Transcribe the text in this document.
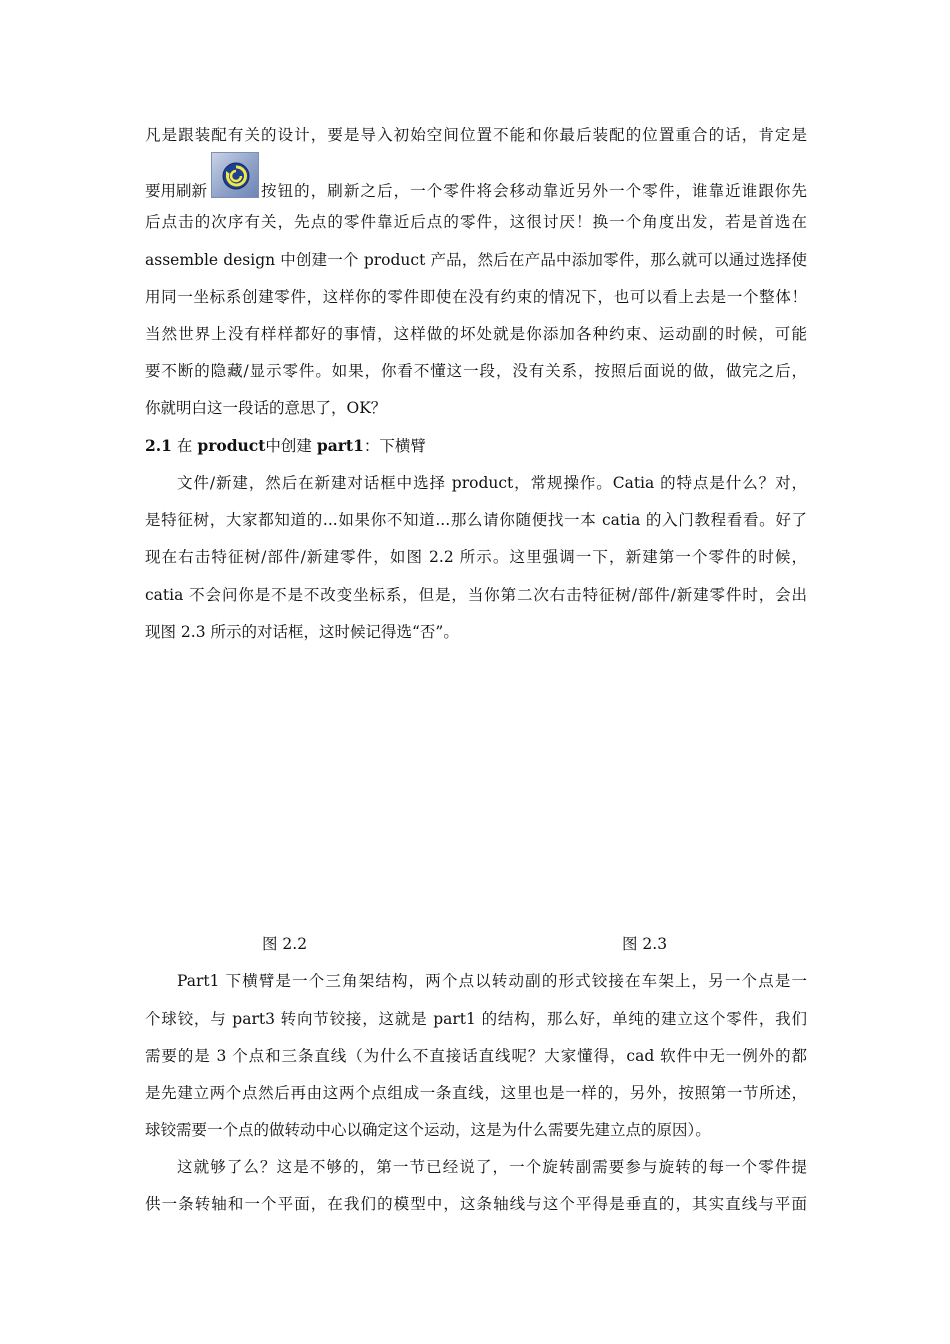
凡是跟装配有关的设计，要是导入初始空间位置不能和你最后装配的位置重合的话，肯定是
要用刷新	按钮的，刷新之后，一个零件将会移动靠近另外一个零件，谁靠近谁跟你先
后点击的次序有关，先点的零件靠近后点的零件，这很讨厌！换一个角度出发，若是首选在
assemble design 中创建一个 product 产品，然后在产品中添加零件，那么就可以通过选择使
用同一坐标系创建零件，这样你的零件即使在没有约束的情况下，也可以看上去是一个整体！
当然世界上没有样样都好的事情，这样做的坏处就是你添加各种约束、运动副的时候，可能
要不断的隐藏/显示零件。如果，你看不懂这一段，没有关系，按照后面说的做，做完之后，
你就明白这一段话的意思了，OK？
2.1 在 product中创建 part1：下横臂
文件/新建，然后在新建对话框中选择 product，常规操作。Catia 的特点是什么？对，
是特征树，大家都知道的...如果你不知道...那么请你随便找一本 catia 的入门教程看看。好了
现在右击特征树/部件/新建零件，如图 2.2 所示。这里强调一下，新建第一个零件的时候，
catia 不会问你是不是不改变坐标系，但是，当你第二次右击特征树/部件/新建零件时，会出
现图 2.3 所示的对话框，这时候记得选“否”。
图 2.2	图 2.3
Part1 下横臂是一个三角架结构，两个点以转动副的形式铰接在车架上，另一个点是一
个球铰，与 part3 转向节铰接，这就是 part1 的结构，那么好，单纯的建立这个零件，我们
需要的是 3 个点和三条直线（为什么不直接话直线呢？大家懂得，cad 软件中无一例外的都
是先建立两个点然后再由这两个点组成一条直线，这里也是一样的，另外，按照第一节所述，
球铰需要一个点的做转动中心以确定这个运动，这是为什么需要先建立点的原因）。
这就够了么？这是不够的，第一节已经说了，一个旋转副需要参与旋转的每一个零件提
供一条转轴和一个平面，在我们的模型中，这条轴线与这个平得是垂直的，其实直线与平面
